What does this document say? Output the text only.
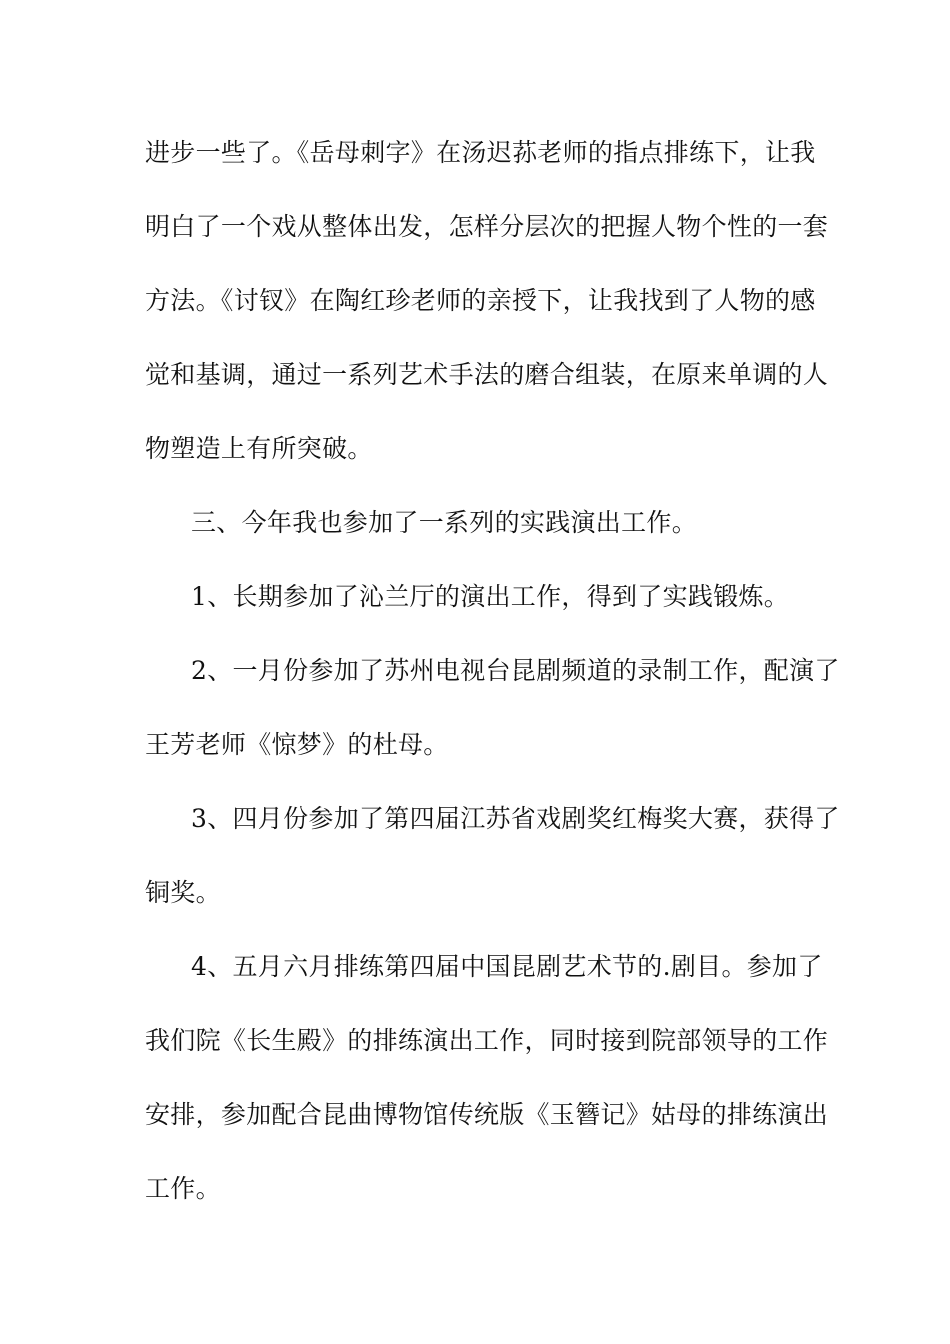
进步一些了。《岳母刺字》在汤迟荪老师的指点排练下，让我
明白了一个戏从整体出发，怎样分层次的把握人物个性的一套
方法。《讨钗》在陶红珍老师的亲授下，让我找到了人物的感
觉和基调，通过一系列艺术手法的磨合组装，在原来单调的人
物塑造上有所突破。
三、今年我也参加了一系列的实践演出工作。
1、长期参加了沁兰厅的演出工作，得到了实践锻炼。
2、一月份参加了苏州电视台昆剧频道的录制工作，配演了
王芳老师《惊梦》的杜母。
3、四月份参加了第四届江苏省戏剧奖红梅奖大赛，获得了
铜奖。
4、五月六月排练第四届中国昆剧艺术节的.剧目。参加了
我们院《长生殿》的排练演出工作，同时接到院部领导的工作
安排，参加配合昆曲博物馆传统版《玉簪记》姑母的排练演出
工作。
